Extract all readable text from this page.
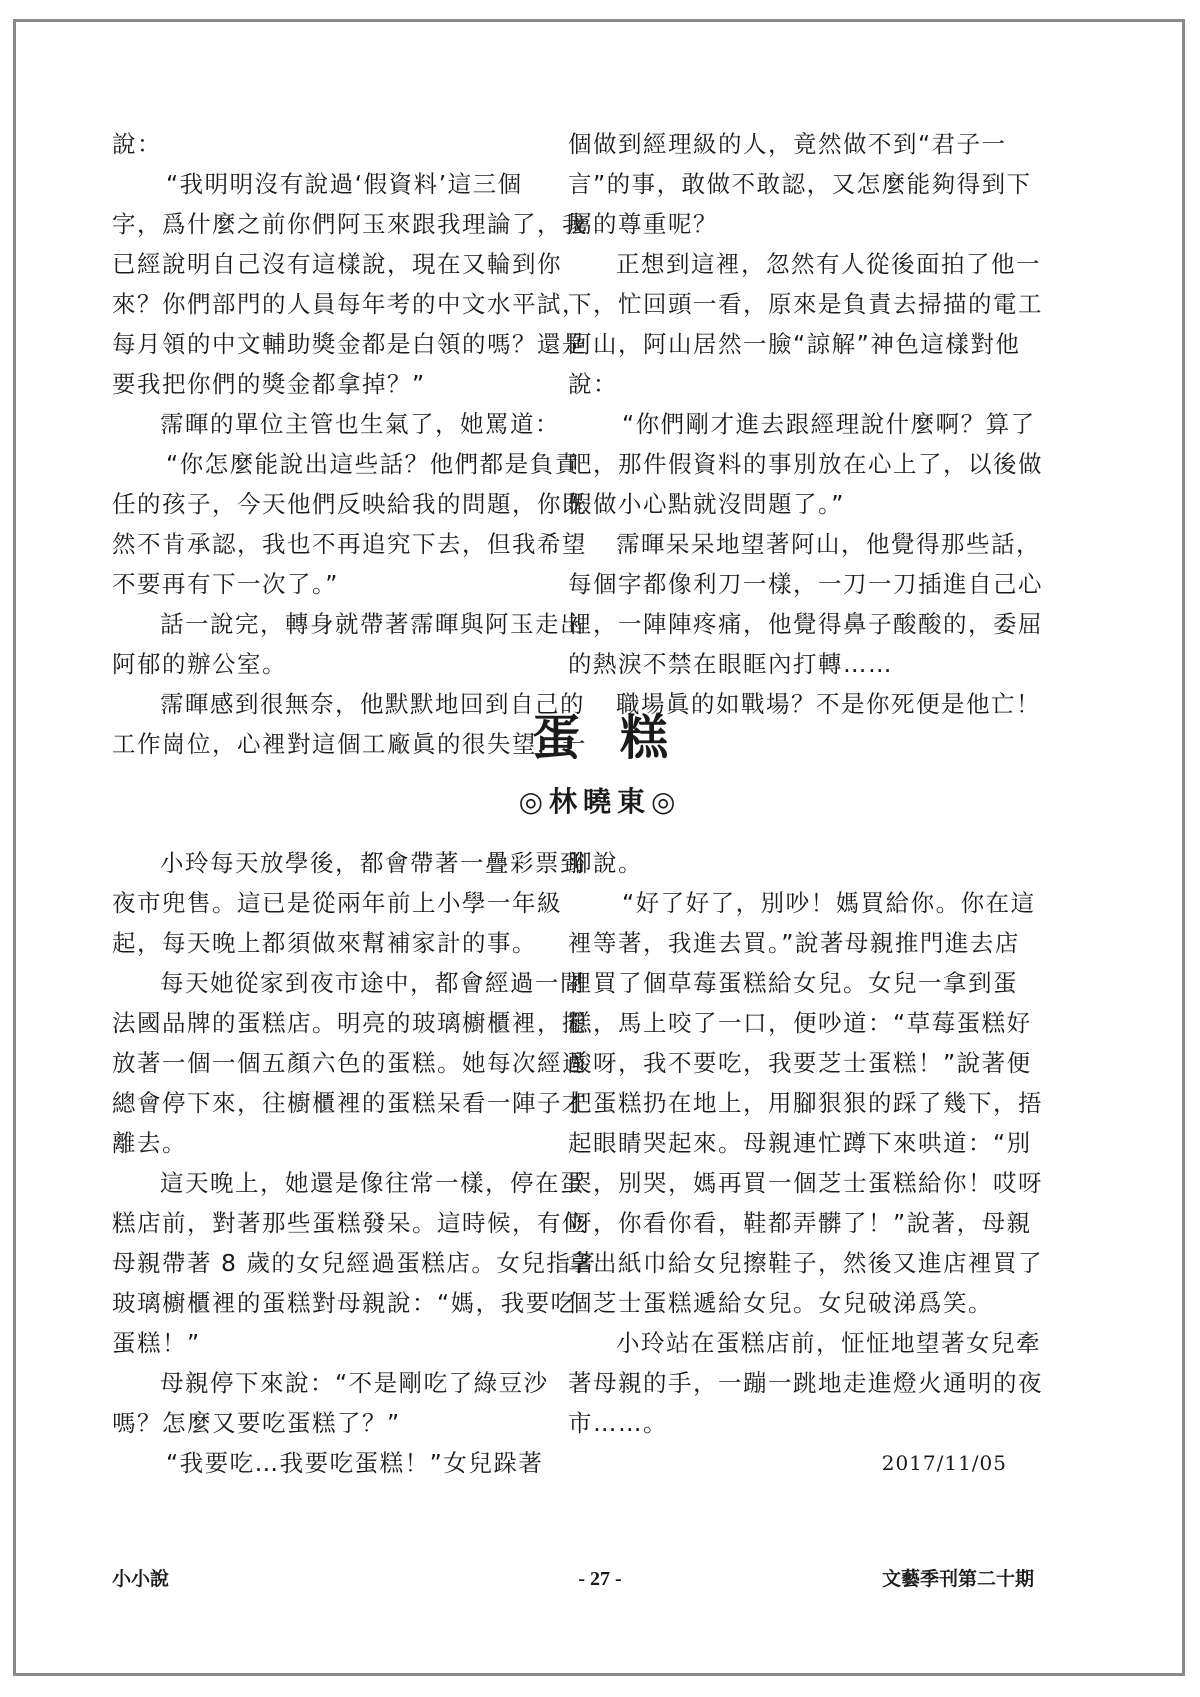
說：
“我明明沒有說過‘假資料’這三個
字，爲什麼之前你們阿玉來跟我理論了，我
已經說明自己沒有這樣說，現在又輪到你
來？你們部門的人員每年考的中文水平試，
每月領的中文輔助獎金都是白領的嗎？還是
要我把你們的獎金都拿掉？”
霈暉的單位主管也生氣了，她罵道：
“你怎麼能說出這些話？他們都是負責
任的孩子，今天他們反映給我的問題，你既
然不肯承認，我也不再追究下去，但我希望
不要再有下一次了。”
話一說完，轉身就帶著霈暉與阿玉走出
阿郁的辦公室。
霈暉感到很無奈，他默默地回到自己的
工作崗位，心裡對這個工廠眞的很失望，一
個做到經理級的人，竟然做不到“君子一
言”的事，敢做不敢認，又怎麼能夠得到下
屬的尊重呢？
正想到這裡，忽然有人從後面拍了他一
下，忙回頭一看，原來是負責去掃描的電工
阿山，阿山居然一臉“諒解”神色這樣對他
說：
“你們剛才進去跟經理說什麼啊？算了
吧，那件假資料的事別放在心上了，以後做
假做小心點就沒問題了。”
霈暉呆呆地望著阿山，他覺得那些話，
每個字都像利刀一樣，一刀一刀插進自己心
裡，一陣陣疼痛，他覺得鼻子酸酸的，委屈
的熱淚不禁在眼眶內打轉……
職場眞的如戰場？不是你死便是他亡！
蛋糕
◎林曉東◎
小玲每天放學後，都會帶著一疊彩票到
夜市兜售。這已是從兩年前上小學一年級
起，每天晚上都須做來幫補家計的事。
每天她從家到夜市途中，都會經過一間
法國品牌的蛋糕店。明亮的玻璃櫥櫃裡，擺
放著一個一個五顏六色的蛋糕。她每次經過
總會停下來，往櫥櫃裡的蛋糕呆看一陣子才
離去。
這天晚上，她還是像往常一樣，停在蛋
糕店前，對著那些蛋糕發呆。這時候，有位
母親帶著 8 歲的女兒經過蛋糕店。女兒指著
玻璃櫥櫃裡的蛋糕對母親說：“媽，我要吃
蛋糕！”
母親停下來說：“不是剛吃了綠豆沙
嗎？怎麼又要吃蛋糕了？”
“我要吃…我要吃蛋糕！”女兒跺著
腳說。
“好了好了，別吵！媽買給你。你在這
裡等著，我進去買。”說著母親推門進去店
裡買了個草莓蛋糕給女兒。女兒一拿到蛋
糕，馬上咬了一口，便吵道：“草莓蛋糕好
酸呀，我不要吃，我要芝士蛋糕！”說著便
把蛋糕扔在地上，用腳狠狠的踩了幾下，捂
起眼睛哭起來。母親連忙蹲下來哄道：“別
哭，別哭，媽再買一個芝士蛋糕給你！哎呀
呀，你看你看，鞋都弄髒了！”說著，母親
拿出紙巾給女兒擦鞋子，然後又進店裡買了
個芝士蛋糕遞給女兒。女兒破涕爲笑。
小玲站在蛋糕店前，怔怔地望著女兒牽
著母親的手，一蹦一跳地走進燈火通明的夜
市……。
2017/11/05
小小說	- 27 -	文藝季刊第二十期
